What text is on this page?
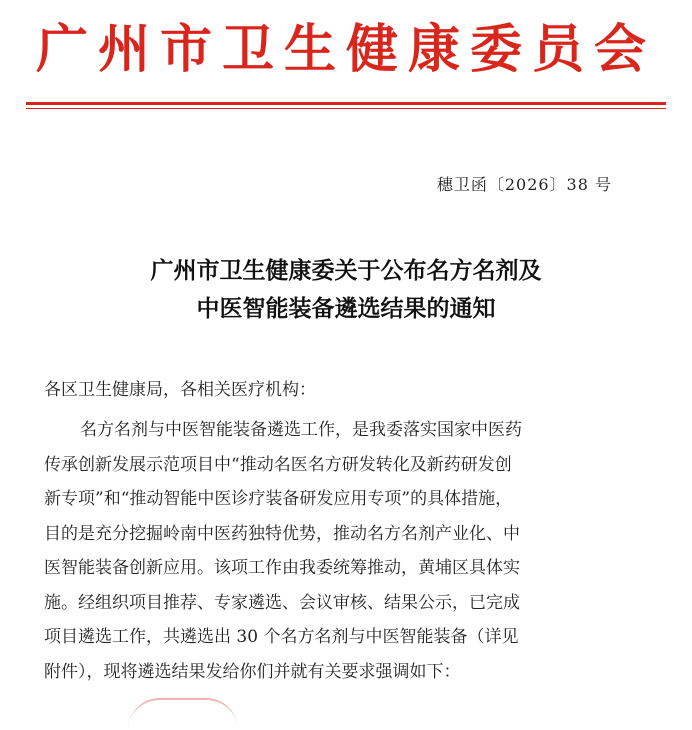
广州市卫生健康委员会
穗卫函〔2026〕38 号
广州市卫生健康委关于公布名方名剂及
中医智能装备遴选结果的通知
各区卫生健康局，各相关医疗机构：
名方名剂与中医智能装备遴选工作，是我委落实国家中医药
传承创新发展示范项目中“推动名医名方研发转化及新药研发创
新专项”和“推动智能中医诊疗装备研发应用专项”的具体措施，
目的是充分挖掘岭南中医药独特优势，推动名方名剂产业化、中
医智能装备创新应用。该项工作由我委统筹推动，黄埔区具体实
施。经组织项目推荐、专家遴选、会议审核、结果公示，已完成
项目遴选工作，共遴选出 30 个名方名剂与中医智能装备（详见
附件），现将遴选结果发给你们并就有关要求强调如下：
